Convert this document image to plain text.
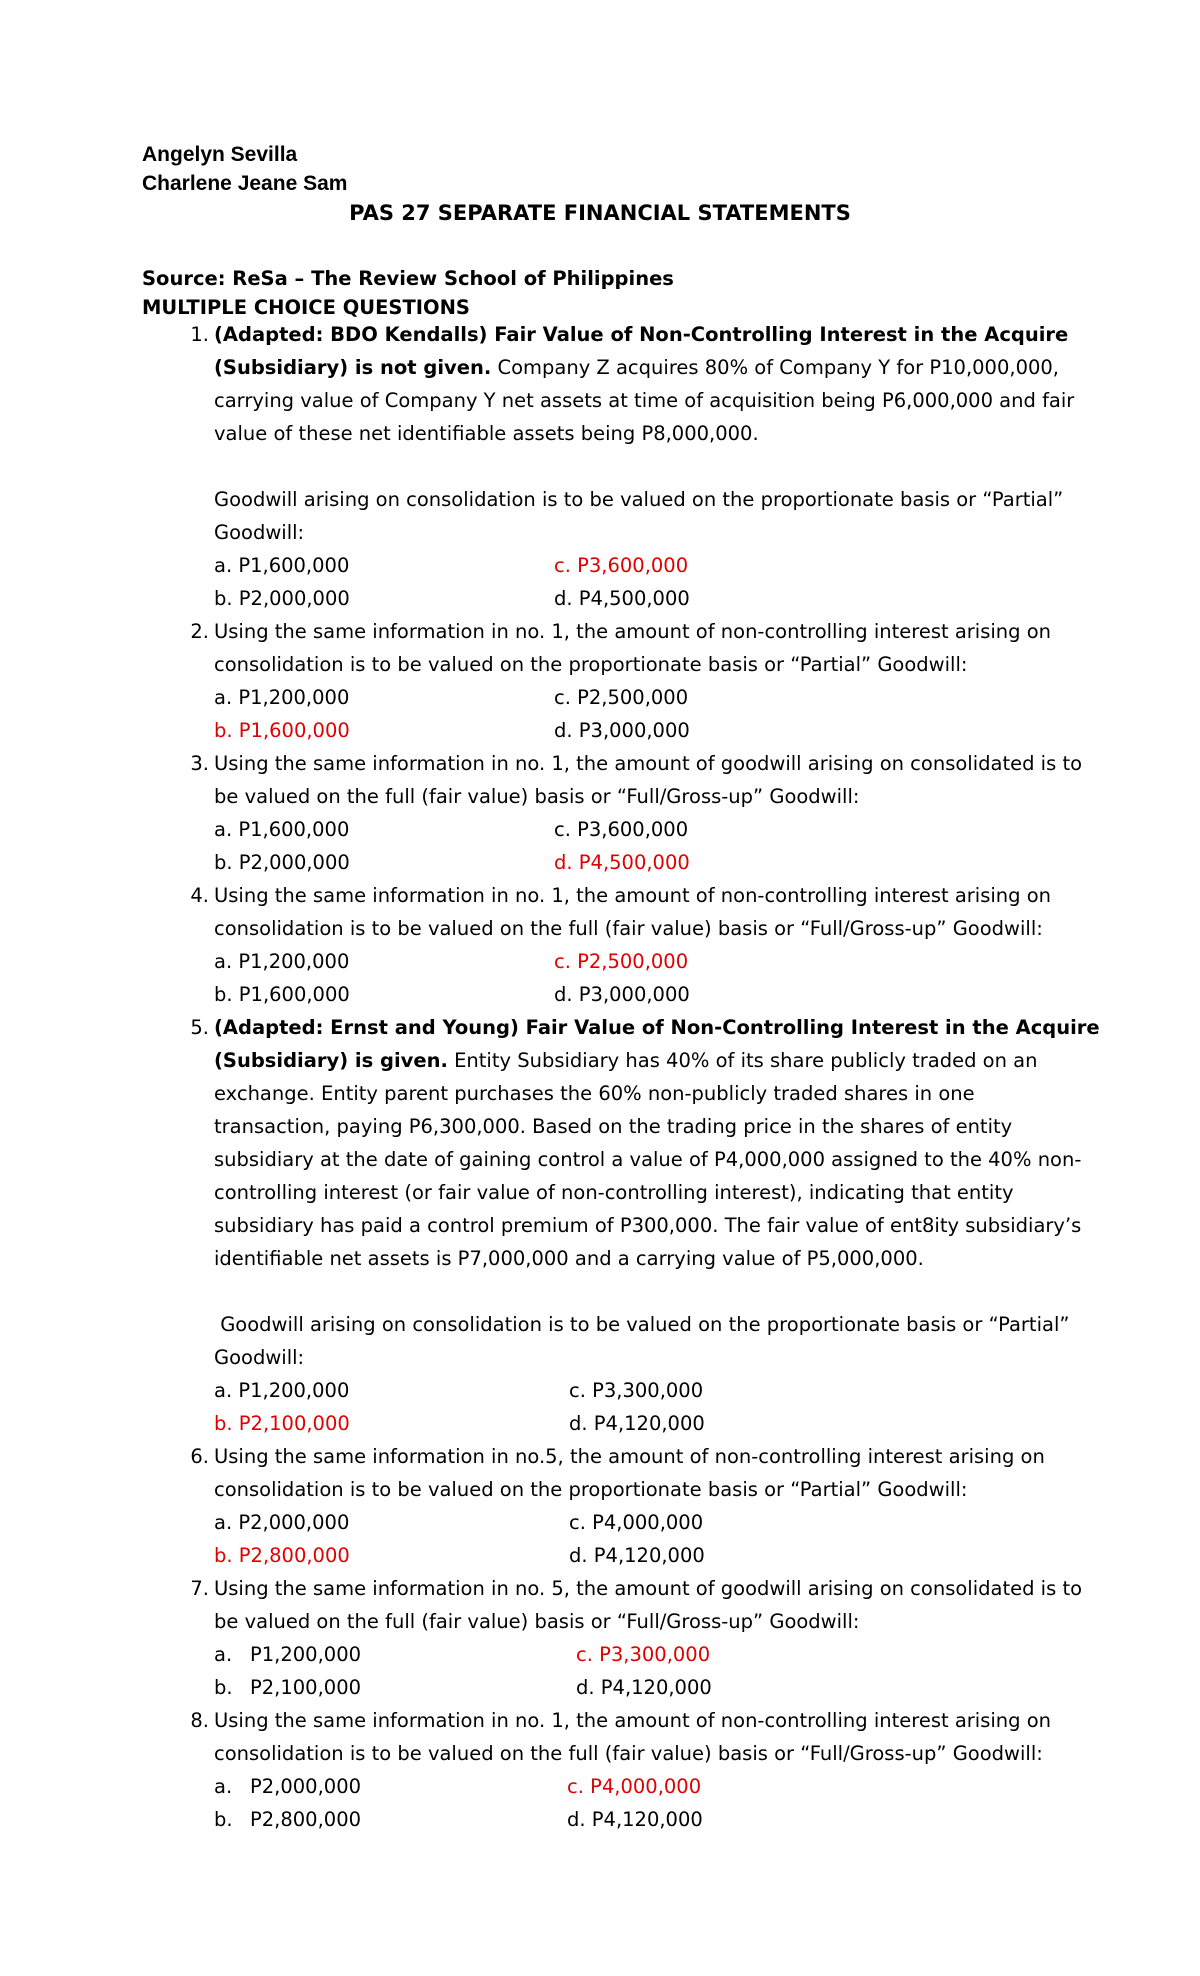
Angelyn Sevilla
Charlene Jeane Sam
PAS 27 SEPARATE FINANCIAL STATEMENTS
Source: ReSa – The Review School of Philippines
MULTIPLE CHOICE QUESTIONS
1. (Adapted: BDO Kendalls) Fair Value of Non-Controlling Interest in the Acquire
(Subsidiary) is not given. Company Z acquires 80% of Company Y for P10,000,000,
carrying value of Company Y net assets at time of acquisition being P6,000,000 and fair
value of these net identifiable assets being P8,000,000.
Goodwill arising on consolidation is to be valued on the proportionate basis or “Partial”
Goodwill:
a. P1,600,000	c. P3,600,000
b. P2,000,000	d. P4,500,000
2. Using the same information in no. 1, the amount of non-controlling interest arising on
consolidation is to be valued on the proportionate basis or “Partial” Goodwill:
a. P1,200,000	c. P2,500,000
b. P1,600,000	d. P3,000,000
3. Using the same information in no. 1, the amount of goodwill arising on consolidated is to
be valued on the full (fair value) basis or “Full/Gross-up” Goodwill:
a. P1,600,000	c. P3,600,000
b. P2,000,000	d. P4,500,000
4. Using the same information in no. 1, the amount of non-controlling interest arising on
consolidation is to be valued on the full (fair value) basis or “Full/Gross-up” Goodwill:
a. P1,200,000	c. P2,500,000
b. P1,600,000	d. P3,000,000
5. (Adapted: Ernst and Young) Fair Value of Non-Controlling Interest in the Acquire
(Subsidiary) is given. Entity Subsidiary has 40% of its share publicly traded on an
exchange. Entity parent purchases the 60% non-publicly traded shares in one
transaction, paying P6,300,000. Based on the trading price in the shares of entity
subsidiary at the date of gaining control a value of P4,000,000 assigned to the 40% non-
controlling interest (or fair value of non-controlling interest), indicating that entity
subsidiary has paid a control premium of P300,000. The fair value of ent8ity subsidiary’s
identifiable net assets is P7,000,000 and a carrying value of P5,000,000.
Goodwill arising on consolidation is to be valued on the proportionate basis or “Partial”
Goodwill:
a. P1,200,000	c. P3,300,000
b. P2,100,000	d. P4,120,000
6. Using the same information in no.5, the amount of non-controlling interest arising on
consolidation is to be valued on the proportionate basis or “Partial” Goodwill:
a. P2,000,000	c. P4,000,000
b. P2,800,000	d. P4,120,000
7. Using the same information in no. 5, the amount of goodwill arising on consolidated is to
be valued on the full (fair value) basis or “Full/Gross-up” Goodwill:
a. P1,200,000	c. P3,300,000
b. P2,100,000	d. P4,120,000
8. Using the same information in no. 1, the amount of non-controlling interest arising on
consolidation is to be valued on the full (fair value) basis or “Full/Gross-up” Goodwill:
a. P2,000,000	c. P4,000,000
b. P2,800,000	d. P4,120,000
